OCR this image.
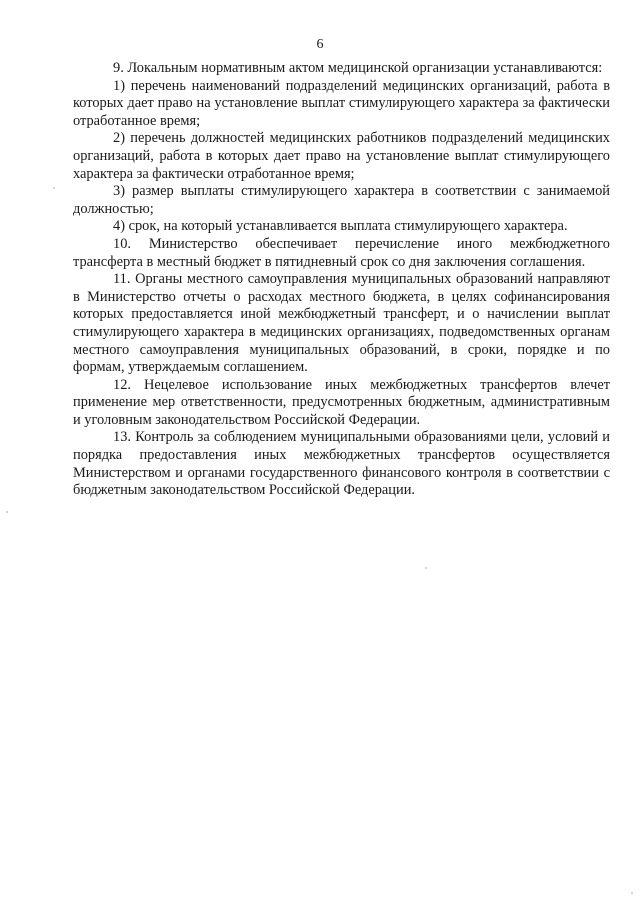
6

9. Локальным нормативным актом медицинской организации устанавливаются:

1) перечень наименований подразделений медицинских организаций, работа в которых дает право на установление выплат стимулирующего характера за фактически отработанное время;

2) перечень должностей медицинских работников подразделений медицинских организаций, работа в которых дает право на установление выплат стимулирующего характера за фактически отработанное время;

3) размер выплаты стимулирующего характера в соответствии с занимаемой должностью;

4) срок, на который устанавливается выплата стимулирующего характера.

10. Министерство обеспечивает перечисление иного межбюджетного трансферта в местный бюджет в пятидневный срок со дня заключения соглашения.

11. Органы местного самоуправления муниципальных образований направляют в Министерство отчеты о расходах местного бюджета, в целях софинансирования которых предоставляется иной межбюджетный трансферт, и о начислении выплат стимулирующего характера в медицинских организациях, подведомственных органам местного самоуправления муниципальных образований, в сроки, порядке и по формам, утверждаемым соглашением.

12. Нецелевое использование иных межбюджетных трансфертов влечет применение мер ответственности, предусмотренных бюджетным, административным и уголовным законодательством Российской Федерации.

13. Контроль за соблюдением муниципальными образованиями цели, условий и порядка предоставления иных межбюджетных трансфертов осуществляется Министерством и органами государственного финансового контроля в соответствии с бюджетным законодательством Российской Федерации.
